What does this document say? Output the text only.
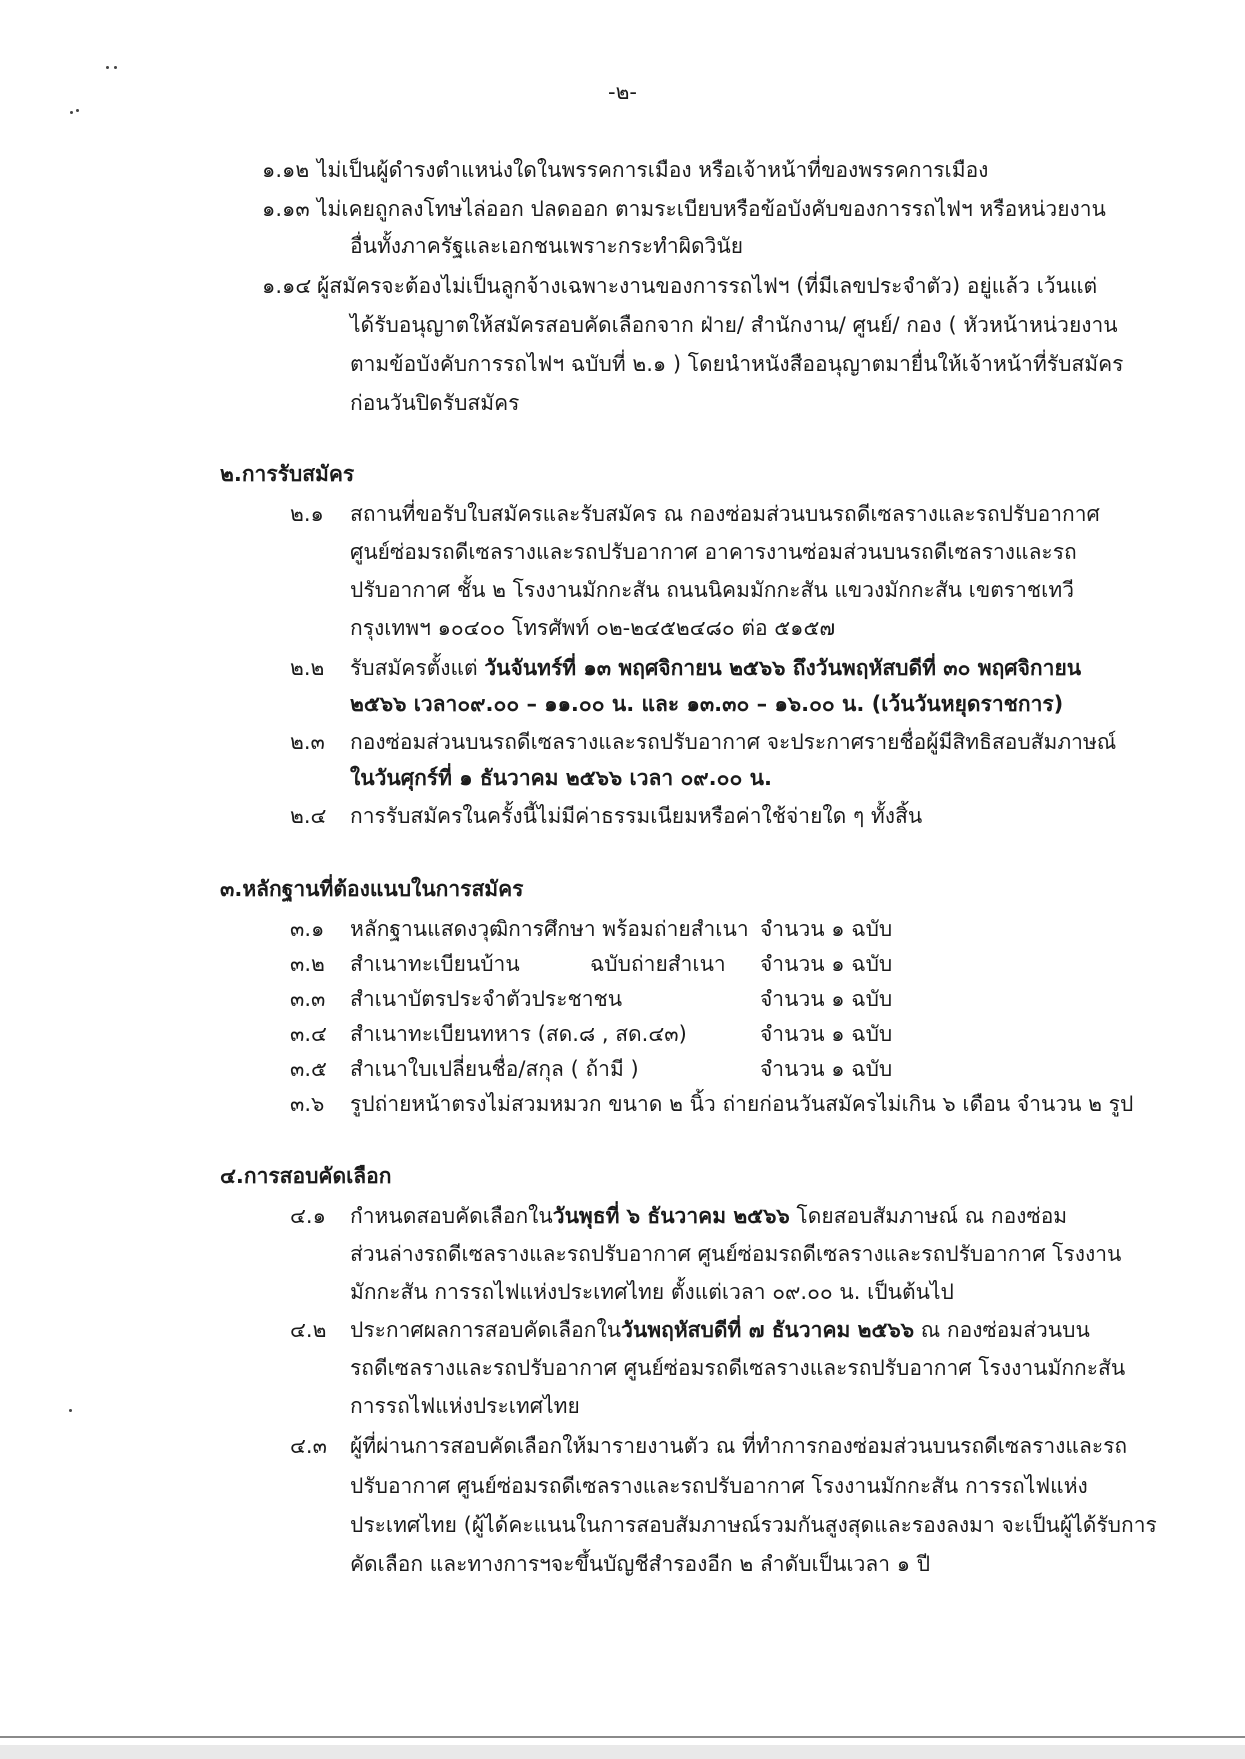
-๒-
๑.๑๒ ไม่เป็นผู้ดำรงตำแหน่งใดในพรรคการเมือง หรือเจ้าหน้าที่ของพรรคการเมือง
๑.๑๓ ไม่เคยถูกลงโทษไล่ออก ปลดออก ตามระเบียบหรือข้อบังคับของการรถไฟฯ หรือหน่วยงาน
อื่นทั้งภาครัฐและเอกชนเพราะกระทำผิดวินัย
๑.๑๔ ผู้สมัครจะต้องไม่เป็นลูกจ้างเฉพาะงานของการรถไฟฯ (ที่มีเลขประจำตัว) อยู่แล้ว เว้นแต่
ได้รับอนุญาตให้สมัครสอบคัดเลือกจาก ฝ่าย/ สำนักงาน/ ศูนย์/ กอง ( หัวหน้าหน่วยงาน
ตามข้อบังคับการรถไฟฯ ฉบับที่ ๒.๑ ) โดยนำหนังสืออนุญาตมายื่นให้เจ้าหน้าที่รับสมัคร
ก่อนวันปิดรับสมัคร
๒.การรับสมัคร
๒.๑ สถานที่ขอรับใบสมัครและรับสมัคร ณ กองซ่อมส่วนบนรถดีเซลรางและรถปรับอากาศ
ศูนย์ซ่อมรถดีเซลรางและรถปรับอากาศ อาคารงานซ่อมส่วนบนรถดีเซลรางและรถ
ปรับอากาศ ชั้น ๒ โรงงานมักกะสัน ถนนนิคมมักกะสัน แขวงมักกะสัน เขตราชเทวี
กรุงเทพฯ ๑๐๔๐๐ โทรศัพท์ ๐๒-๒๔๕๒๔๘๐ ต่อ ๕๑๕๗
๒.๒ รับสมัครตั้งแต่ วันจันทร์ที่ ๑๓ พฤศจิกายน ๒๕๖๖ ถึงวันพฤหัสบดีที่ ๓๐ พฤศจิกายน
๒๕๖๖ เวลา๐๙.๐๐ – ๑๑.๐๐ น. และ ๑๓.๓๐ – ๑๖.๐๐ น. (เว้นวันหยุดราชการ)
๒.๓ กองซ่อมส่วนบนรถดีเซลรางและรถปรับอากาศ จะประกาศรายชื่อผู้มีสิทธิสอบสัมภาษณ์
ในวันศุกร์ที่ ๑ ธันวาคม ๒๕๖๖ เวลา ๐๙.๐๐ น.
๒.๔ การรับสมัครในครั้งนี้ไม่มีค่าธรรมเนียมหรือค่าใช้จ่ายใด ๆ ทั้งสิ้น
๓.หลักฐานที่ต้องแนบในการสมัคร
๓.๑ หลักฐานแสดงวุฒิการศึกษา พร้อมถ่ายสำเนา จำนวน ๑ ฉบับ
๓.๒ สำเนาทะเบียนบ้าน	ฉบับถ่ายสำเนา จำนวน ๑ ฉบับ
๓.๓ สำเนาบัตรประจำตัวประชาชน	จำนวน ๑ ฉบับ
๓.๔ สำเนาทะเบียนทหาร (สด.๘ , สด.๔๓)	จำนวน ๑ ฉบับ
๓.๕ สำเนาใบเปลี่ยนชื่อ/สกุล ( ถ้ามี )	จำนวน ๑ ฉบับ
๓.๖ รูปถ่ายหน้าตรงไม่สวมหมวก ขนาด ๒ นิ้ว ถ่ายก่อนวันสมัครไม่เกิน ๖ เดือน จำนวน ๒ รูป
๔.การสอบคัดเลือก
๔.๑ กำหนดสอบคัดเลือกในวันพุธที่ ๖ ธันวาคม ๒๕๖๖ โดยสอบสัมภาษณ์ ณ กองซ่อม
ส่วนล่างรถดีเซลรางและรถปรับอากาศ ศูนย์ซ่อมรถดีเซลรางและรถปรับอากาศ โรงงาน
มักกะสัน การรถไฟแห่งประเทศไทย ตั้งแต่เวลา ๐๙.๐๐ น. เป็นต้นไป
๔.๒ ประกาศผลการสอบคัดเลือกในวันพฤหัสบดีที่ ๗ ธันวาคม ๒๕๖๖ ณ กองซ่อมส่วนบน
รถดีเซลรางและรถปรับอากาศ ศูนย์ซ่อมรถดีเซลรางและรถปรับอากาศ โรงงานมักกะสัน
การรถไฟแห่งประเทศไทย
๔.๓ ผู้ที่ผ่านการสอบคัดเลือกให้มารายงานตัว ณ ที่ทำการกองซ่อมส่วนบนรถดีเซลรางและรถ
ปรับอากาศ ศูนย์ซ่อมรถดีเซลรางและรถปรับอากาศ โรงงานมักกะสัน การรถไฟแห่ง
ประเทศไทย (ผู้ได้คะแนนในการสอบสัมภาษณ์รวมกันสูงสุดและรองลงมา จะเป็นผู้ได้รับการ
คัดเลือก และทางการฯจะขึ้นบัญชีสำรองอีก ๒ ลำดับเป็นเวลา ๑ ปี
